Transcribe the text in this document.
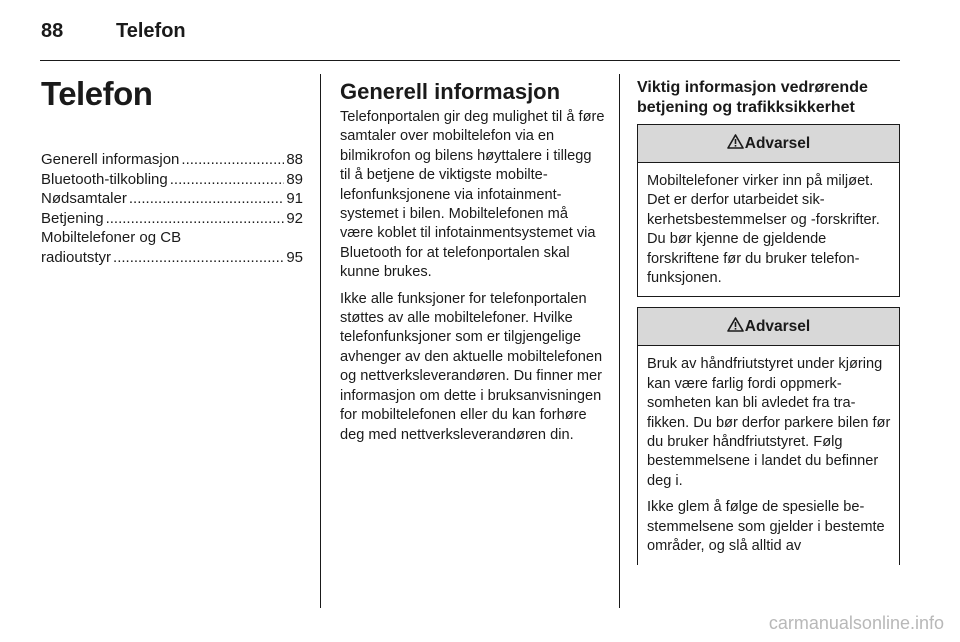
88	Telefon
Telefon
Generell informasjon .....	88
Bluetooth-tilkobling .....	89
Nødsamtaler .....	91
Betjening .....	92
Mobiltelefoner og CB
radioutstyr .....	95
Generell informasjon

Telefonportalen gir deg mulighet til å føre samtaler over mobiltelefon via en bilmikrofon og bilens høyttalere i tillegg til å betjene de viktigste mobiltelefonfunksjonene via infotainmentsystemet i bilen. Mobiltelefonen må være koblet til infotainmentsystemet via Bluetooth for at telefonportalen skal kunne brukes.

Ikke alle funksjoner for telefonportalen støttes av alle mobiltelefoner. Hvilke telefonfunksjoner som er tilgjengelige avhenger av den aktuelle mobiltelefonen og nettverksleverandøren. Du finner mer informasjon om dette i bruksanvisningen for mobiltelefonen eller du kan forhøre deg med nettverksleverandøren din.

Viktig informasjon vedrørende betjening og trafikksikkerhet
Advarsel

Mobiltelefoner virker inn på miljøet. Det er derfor utarbeidet sikkerhetsbestemmelser og -forskrifter. Du bør kjenne de gjeldende forskriftene før du bruker telefonfunksjonen.

Advarsel

Bruk av håndfriutstyret under kjøring kan være farlig fordi oppmerksomheten kan bli avledet fra trafikken. Du bør derfor parkere bilen før du bruker håndfriutstyret. Følg bestemmelsene i landet du befinner deg i.

Ikke glem å følge de spesielle bestemmelsene som gjelder i bestemte områder, og slå alltid av

carmanualsonline.info
